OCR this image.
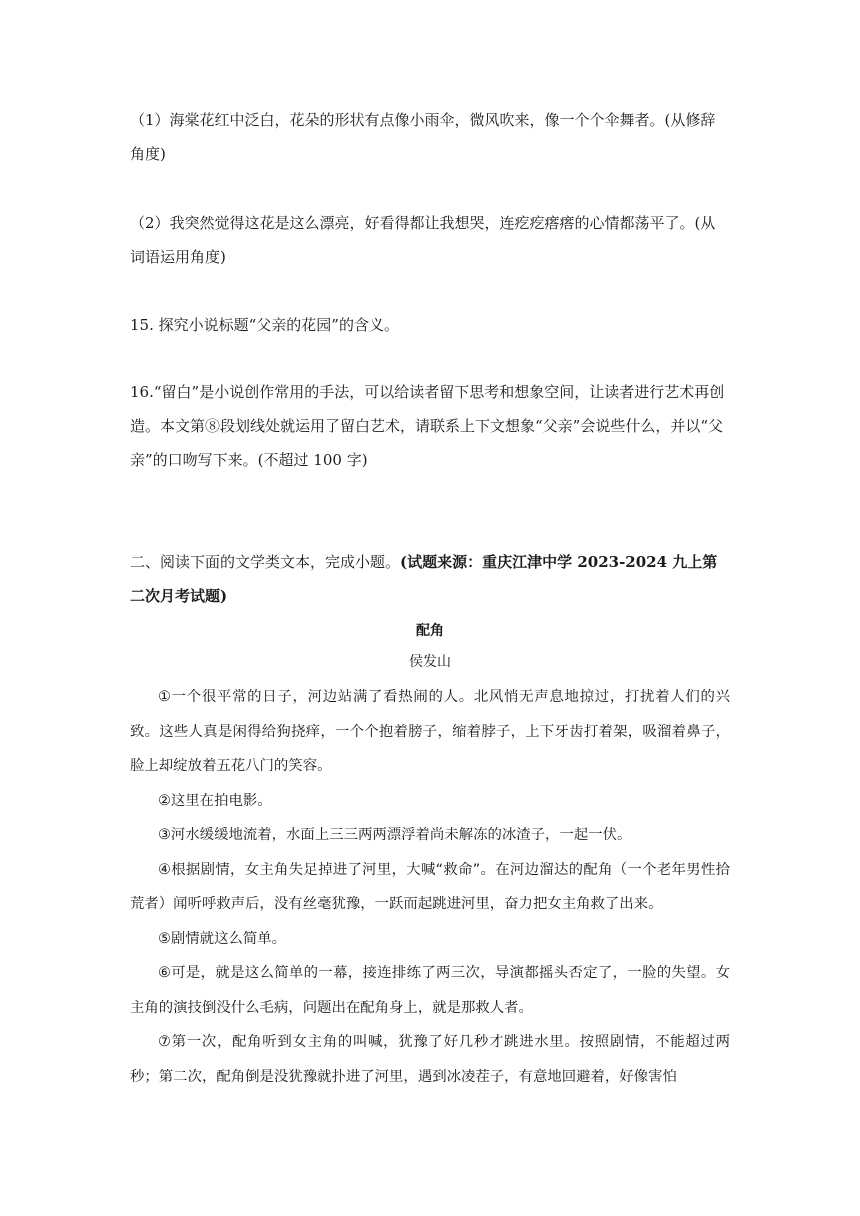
（1）海棠花红中泛白，花朵的形状有点像小雨伞，微风吹来，像一个个伞舞者。(从修辞角度)

（2）我突然觉得这花是这么漂亮，好看得都让我想哭，连疙疙瘩瘩的心情都荡平了。(从词语运用角度)

15. 探究小说标题“父亲的花园”的含义。

16.“留白”是小说创作常用的手法，可以给读者留下思考和想象空间，让读者进行艺术再创造。本文第⑧段划线处就运用了留白艺术，请联系上下文想象“父亲”会说些什么，并以“父亲”的口吻写下来。(不超过 100 字)

二、阅读下面的文学类文本，完成小题。(试题来源：重庆江津中学 2023-2024 九上第二次月考试题)

配角

侯发山

①一个很平常的日子，河边站满了看热闹的人。北风悄无声息地掠过，打扰着人们的兴致。这些人真是闲得给狗挠痒，一个个抱着膀子，缩着脖子，上下牙齿打着架，吸溜着鼻子，脸上却绽放着五花八门的笑容。

②这里在拍电影。

③河水缓缓地流着，水面上三三两两漂浮着尚未解冻的冰渣子，一起一伏。

④根据剧情，女主角失足掉进了河里，大喊“救命”。在河边溜达的配角（一个老年男性拾荒者）闻听呼救声后，没有丝毫犹豫，一跃而起跳进河里，奋力把女主角救了出来。

⑤剧情就这么简单。

⑥可是，就是这么简单的一幕，接连排练了两三次，导演都摇头否定了，一脸的失望。女主角的演技倒没什么毛病，问题出在配角身上，就是那救人者。

⑦第一次，配角听到女主角的叫喊，犹豫了好几秒才跳进水里。按照剧情，不能超过两秒；第二次，配角倒是没犹豫就扑进了河里，遇到冰凌茬子，有意地回避着，好像害怕
